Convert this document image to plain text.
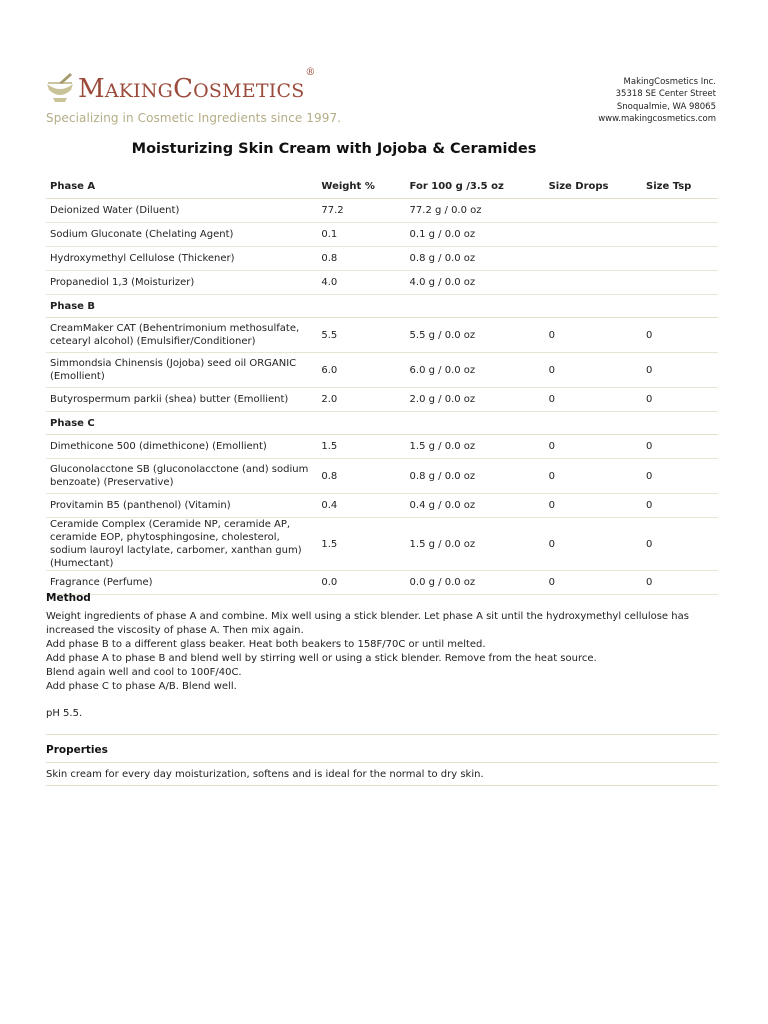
MAKINGCOSMETICS®
Specializing in Cosmetic Ingredients since 1997.
MakingCosmetics Inc.
35318 SE Center Street
Snoqualmie, WA 98065
www.makingcosmetics.com
Moisturizing Skin Cream with Jojoba & Ceramides
Phase A	Weight %	For 100 g /3.5 oz	Size Drops	Size Tsp
Deionized Water (Diluent)	77.2	77.2 g / 0.0 oz		
Sodium Gluconate (Chelating Agent)	0.1	0.1 g / 0.0 oz		
Hydroxymethyl Cellulose (Thickener)	0.8	0.8 g / 0.0 oz		
Propanediol 1,3 (Moisturizer)	4.0	4.0 g / 0.0 oz		
Phase B				
CreamMaker CAT (Behentrimonium methosulfate, cetearyl alcohol) (Emulsifier/Conditioner)	5.5	5.5 g / 0.0 oz	0	0
Simmondsia Chinensis (Jojoba) seed oil ORGANIC (Emollient)	6.0	6.0 g / 0.0 oz	0	0
Butyrospermum parkii (shea) butter (Emollient)	2.0	2.0 g / 0.0 oz	0	0
Phase C				
Dimethicone 500 (dimethicone) (Emollient)	1.5	1.5 g / 0.0 oz	0	0
Gluconolacctone SB (gluconolacctone (and) sodium benzoate) (Preservative)	0.8	0.8 g / 0.0 oz	0	0
Provitamin B5 (panthenol) (Vitamin)	0.4	0.4 g / 0.0 oz	0	0
Ceramide Complex (Ceramide NP, ceramide AP, ceramide EOP, phytosphingosine, cholesterol, sodium lauroyl lactylate, carbomer, xanthan gum) (Humectant)	1.5	1.5 g / 0.0 oz	0	0
Fragrance (Perfume)	0.0	0.0 g / 0.0 oz	0	0
Method
Weight ingredients of phase A and combine. Mix well using a stick blender. Let phase A sit until the hydroxymethyl cellulose has increased the viscosity of phase A. Then mix again.
Add phase B to a different glass beaker. Heat both beakers to 158F/70C or until melted.
Add phase A to phase B and blend well by stirring well or using a stick blender. Remove from the heat source.
Blend again well and cool to 100F/40C.
Add phase C to phase A/B. Blend well.
pH 5.5.
Properties
Skin cream for every day moisturization, softens and is ideal for the normal to dry skin.
